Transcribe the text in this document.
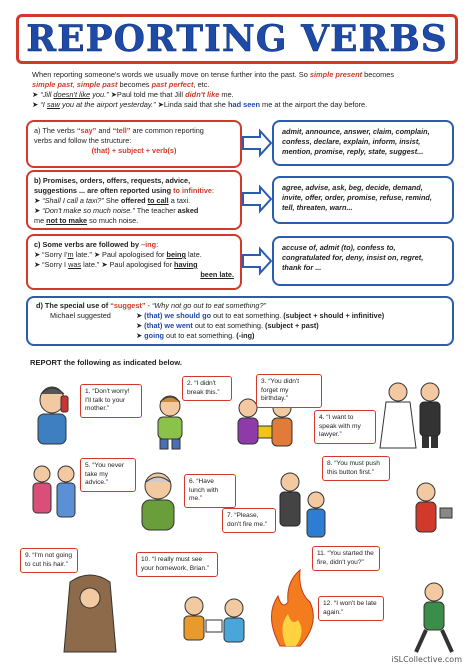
REPORTING VERBS
When reporting someone's words we usually move on tense further into the past. So simple present becomes
simple past, simple past becomes past perfect, etc.
➤ “Jill doesn't like you.” ➤Paul told me that Jill didn't like me.
➤ “I saw you at the airport yesterday.” ➤Linda said that she had seen me at the airport the day before.
a) The verbs “say” and “tell” are common reporting
verbs and follow the structure:
(that) + subject + verb(s)
admit, announce, answer, claim, complain, confess, declare, explain, inform, insist, mention, promise, reply, state, suggest...
b) Promises, orders, offers, requests, advice,
suggestions ... are often reported using to infinitive:
➤ “Shall I call a taxi?” She offered to call a taxi.
➤ “Don't make so much noise.” The teacher asked
me not to make so much noise.
agree, advise, ask, beg, decide, demand, invite, offer, order, promise, refuse, remind, tell, threaten, warn...
c) Some verbs are followed by –ing:
➤ “Sorry I'm late.” ➤ Paul apologised for being late.
➤ “Sorry I was late.” ➤ Paul apologised for having
been late.
accuse of, admit (to), confess to, congratulated for, deny, insist on, regret, thank for ...
d) The special use of “suggest” - “Why not go out to eat something?”
Michael suggested	➤ (that) we should go out to eat something. (subject + should + infinitive)
➤ (that) we went out to eat something. (subject + past)
➤ going out to eat something. (-ing)
REPORT the following as indicated below.
1. “Don't worry! I'll talk to your mother.”
2. “I didn't break this.”
3. “You didn't forget my birthday.”
4. “I want to speak with my lawyer.”
5. “You never take my advice.”	6. “Have lunch with me.”
7. “Please, don't fire me.”
8. “You must push this button first.”
9. “I'm not going to cut his hair.”
10. “I really must see your homework, Brian.”
11. “You started the fire, didn't you?”
12. “I won't be late again.”
iSLCollective.com
